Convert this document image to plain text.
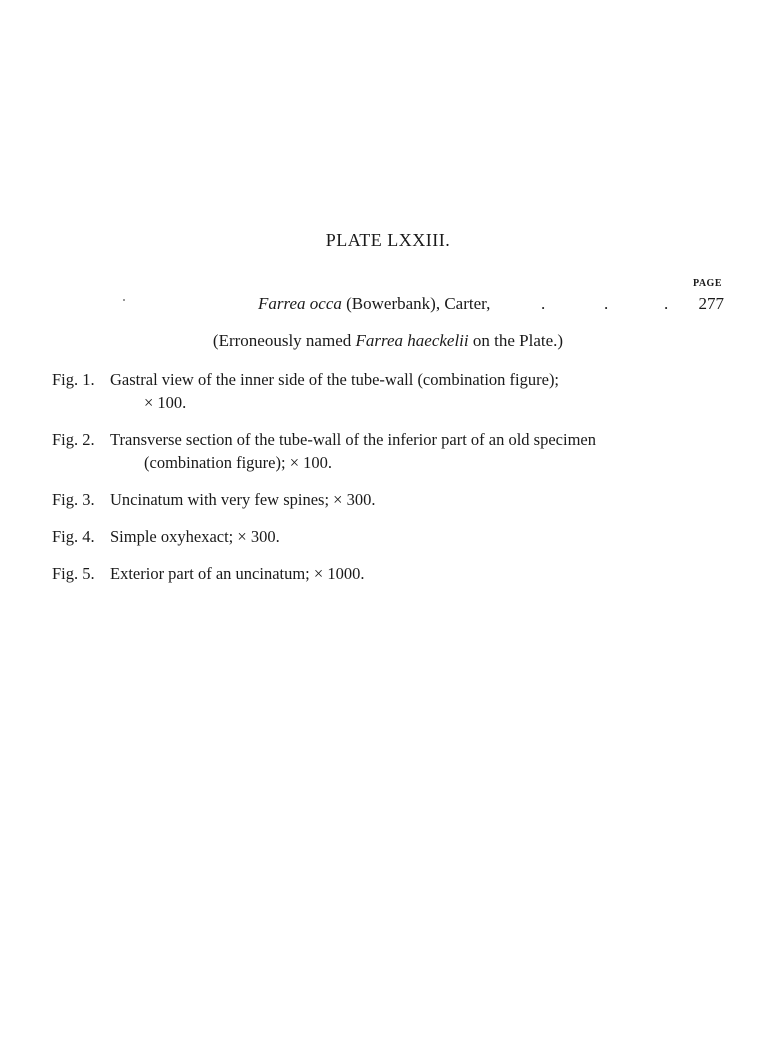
PLATE LXXIII.
PAGE
Farrea occa (Bowerbank), Carter,	.	.	. 277
(Erroneously named Farrea haeckelii on the Plate.)
Fig. 1. Gastral view of the inner side of the tube-wall (combination figure);
× 100.
Fig. 2. Transverse section of the tube-wall of the inferior part of an old specimen
(combination figure); × 100.
Fig. 3. Uncinatum with very few spines; × 300.
Fig. 4. Simple oxyhexact; × 300.
Fig. 5. Exterior part of an uncinatum; × 1000.
